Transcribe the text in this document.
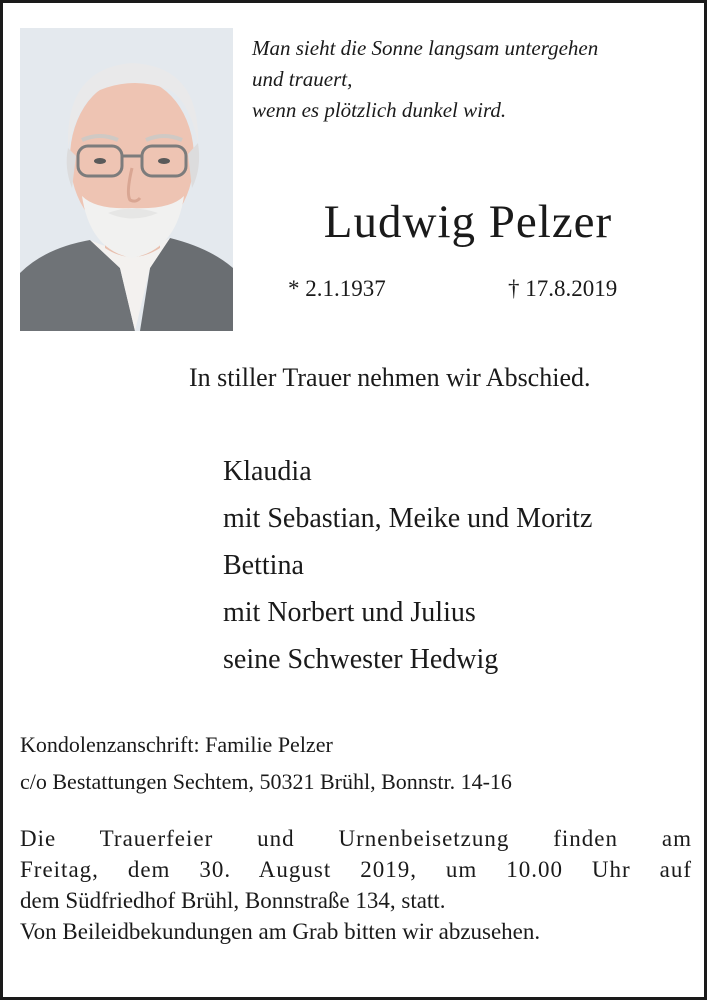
Man sieht die Sonne langsam untergehen
und trauert,
wenn es plötzlich dunkel wird.
Ludwig Pelzer
* 2.1.1937	† 17.8.2019
In stiller Trauer nehmen wir Abschied.
Klaudia
mit Sebastian, Meike und Moritz
Bettina
mit Norbert und Julius
seine Schwester Hedwig
Kondolenzanschrift: Familie Pelzer
c/o Bestattungen Sechtem, 50321 Brühl, Bonnstr. 14-16
Die Trauerfeier und Urnenbeisetzung finden am
Freitag, dem 30. August 2019, um 10.00 Uhr auf
dem Südfriedhof Brühl, Bonnstraße 134, statt.
Von Beileidbekundungen am Grab bitten wir abzusehen.
